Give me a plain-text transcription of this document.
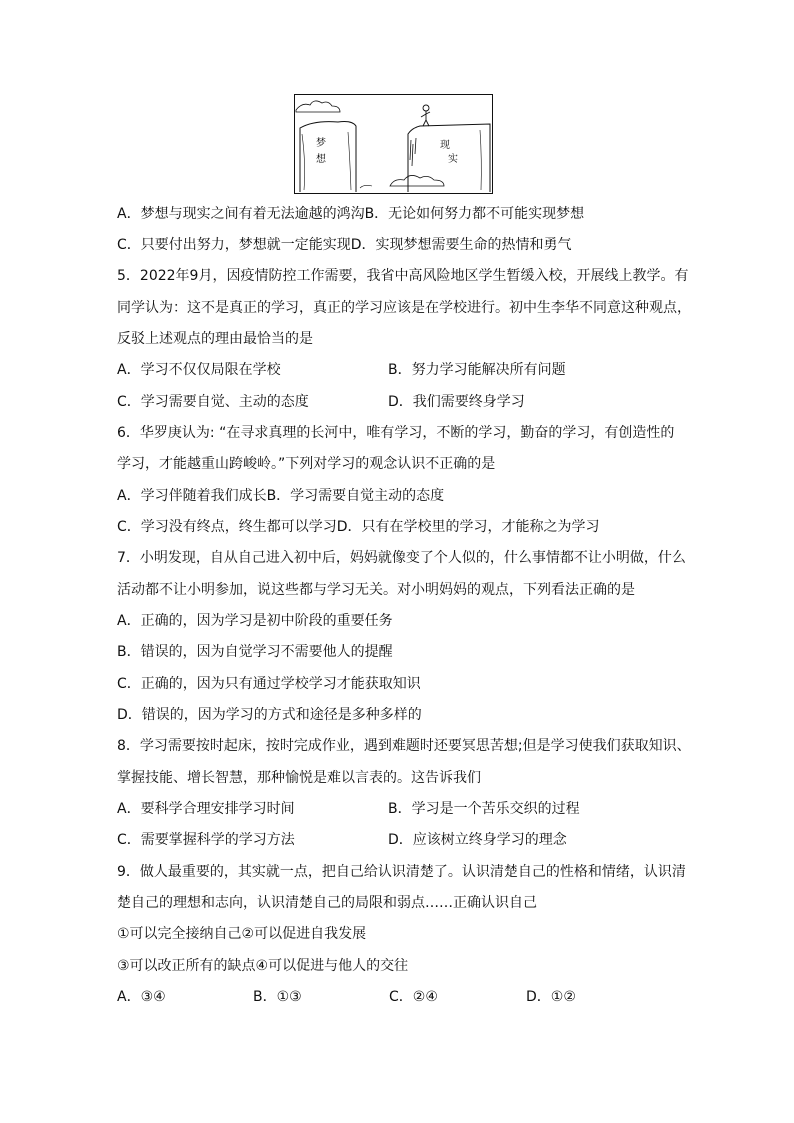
梦
想
现
实
A．梦想与现实之间有着无法逾越的鸿沟B．无论如何努力都不可能实现梦想
C．只要付出努力，梦想就一定能实现D．实现梦想需要生命的热情和勇气
5．2022年9月，因疫情防控工作需要，我省中高风险地区学生暂缓入校，开展线上教学。有
同学认为：这不是真正的学习，真正的学习应该是在学校进行。初中生李华不同意这种观点，
反驳上述观点的理由最恰当的是
A．学习不仅仅局限在学校	B．努力学习能解决所有问题
C．学习需要自觉、主动的态度	D．我们需要终身学习
6．华罗庚认为: “在寻求真理的长河中，唯有学习，不断的学习，勤奋的学习，有创造性的
学习，才能越重山跨峻岭。”下列对学习的观念认识不正确的是
A．学习伴随着我们成长B．学习需要自觉主动的态度
C．学习没有终点，终生都可以学习D．只有在学校里的学习，才能称之为学习
7．小明发现，自从自己进入初中后，妈妈就像变了个人似的，什么事情都不让小明做，什么
活动都不让小明参加，说这些都与学习无关。对小明妈妈的观点，下列看法正确的是
A．正确的，因为学习是初中阶段的重要任务
B．错误的，因为自觉学习不需要他人的提醒
C．正确的，因为只有通过学校学习才能获取知识
D．错误的，因为学习的方式和途径是多种多样的
8．学习需要按时起床，按时完成作业，遇到难题时还要冥思苦想;但是学习使我们获取知识、
掌握技能、增长智慧，那种愉悦是难以言表的。这告诉我们
A．要科学合理安排学习时间	B．学习是一个苦乐交织的过程
C．需要掌握科学的学习方法	D．应该树立终身学习的理念
9．做人最重要的，其实就一点，把自己给认识清楚了。认识清楚自己的性格和情绪，认识清
楚自己的理想和志向，认识清楚自己的局限和弱点……正确认识自己
①可以完全接纳自己②可以促进自我发展
③可以改正所有的缺点④可以促进与他人的交往
A．③④	B．①③	C．②④	D．①②
